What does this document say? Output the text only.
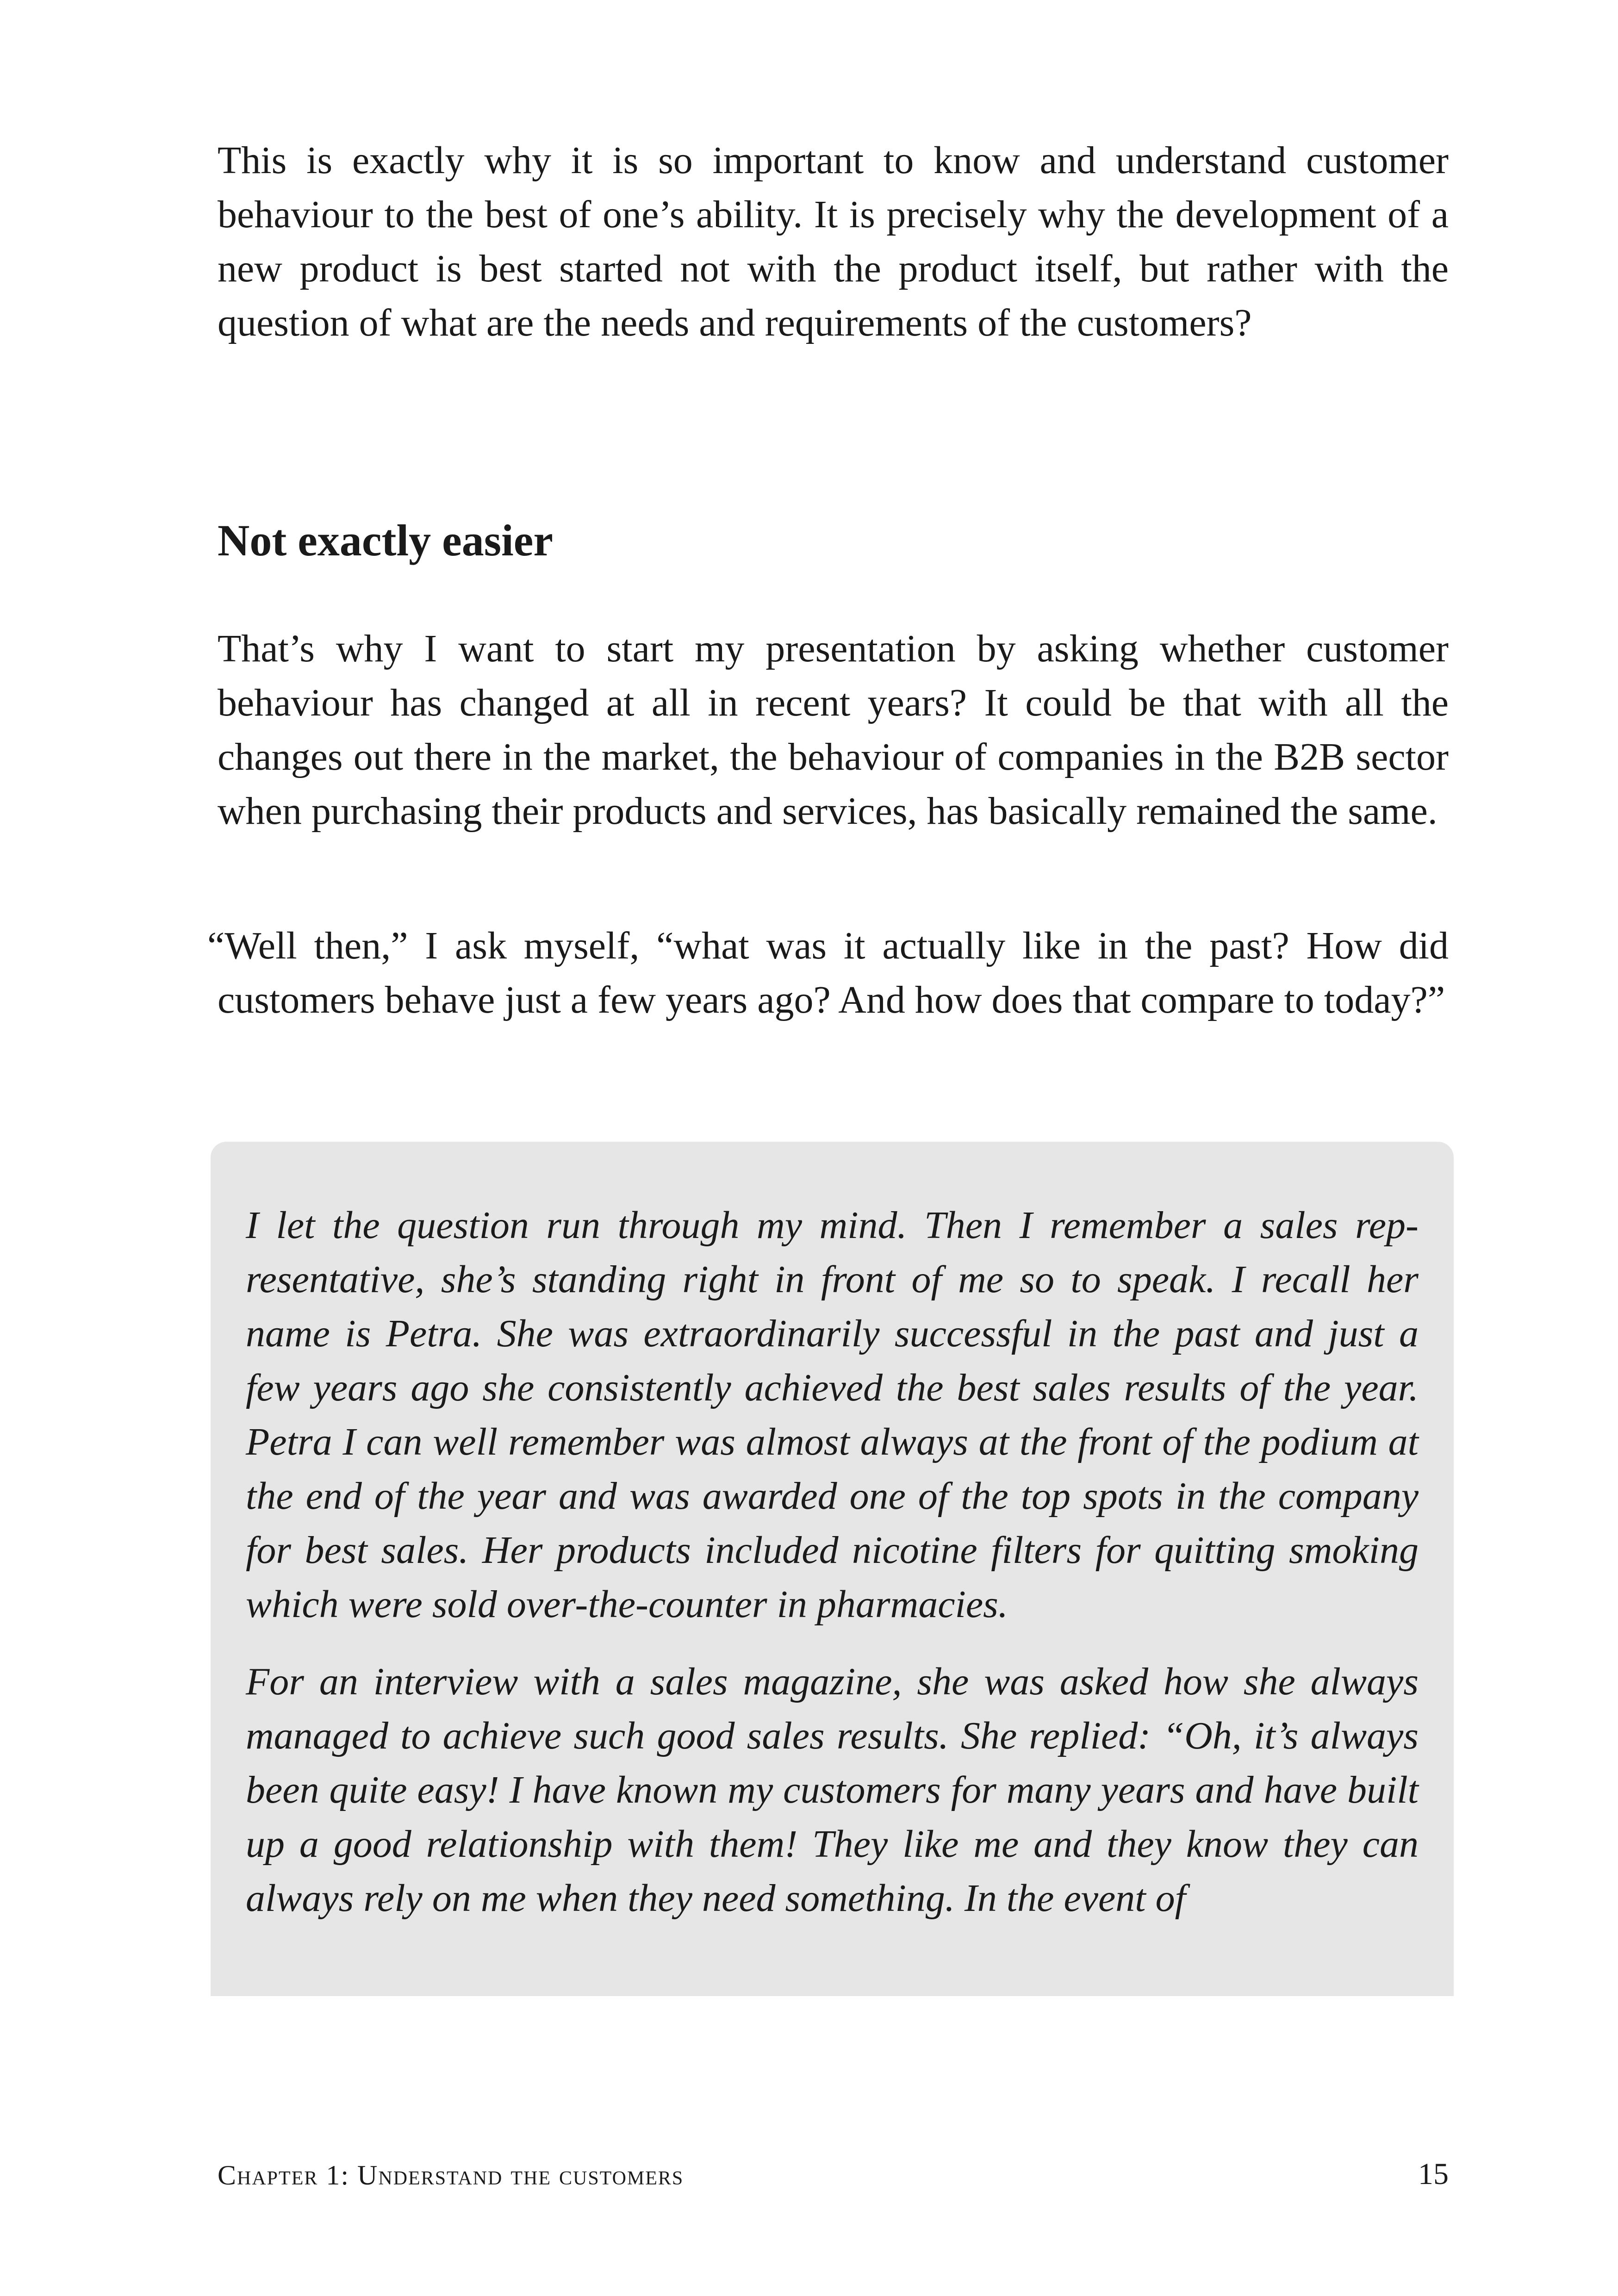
This is exactly why it is so important to know and understand customer behaviour to the best of one’s ability. It is precisely why the development of a new product is best started not with the product itself, but rather with the question of what are the needs and requirements of the customers?

Not exactly easier

That’s why I want to start my presentation by asking whether customer behaviour has changed at all in recent years? It could be that with all the changes out there in the market, the behaviour of companies in the B2B sector when purchasing their products and services, has basically remained the same.

“Well then,” I ask myself, “what was it actually like in the past? How did customers behave just a few years ago? And how does that compare to today?”

I let the question run through my mind. Then I remember a sales representative, she’s standing right in front of me so to speak. I recall her name is Petra. She was extraordinarily successful in the past and just a few years ago she consistently achieved the best sales results of the year. Petra I can well remember was almost always at the front of the podium at the end of the year and was awarded one of the top spots in the company for best sales. Her products included nicotine filters for quitting smoking which were sold over-the-counter in pharmacies.

For an interview with a sales magazine, she was asked how she always managed to achieve such good sales results. She replied: “Oh, it’s always been quite easy! I have known my customers for many years and have built up a good relationship with them! They like me and they know they can always rely on me when they need something. In the event of

Chapter 1: Understand the customers	15
